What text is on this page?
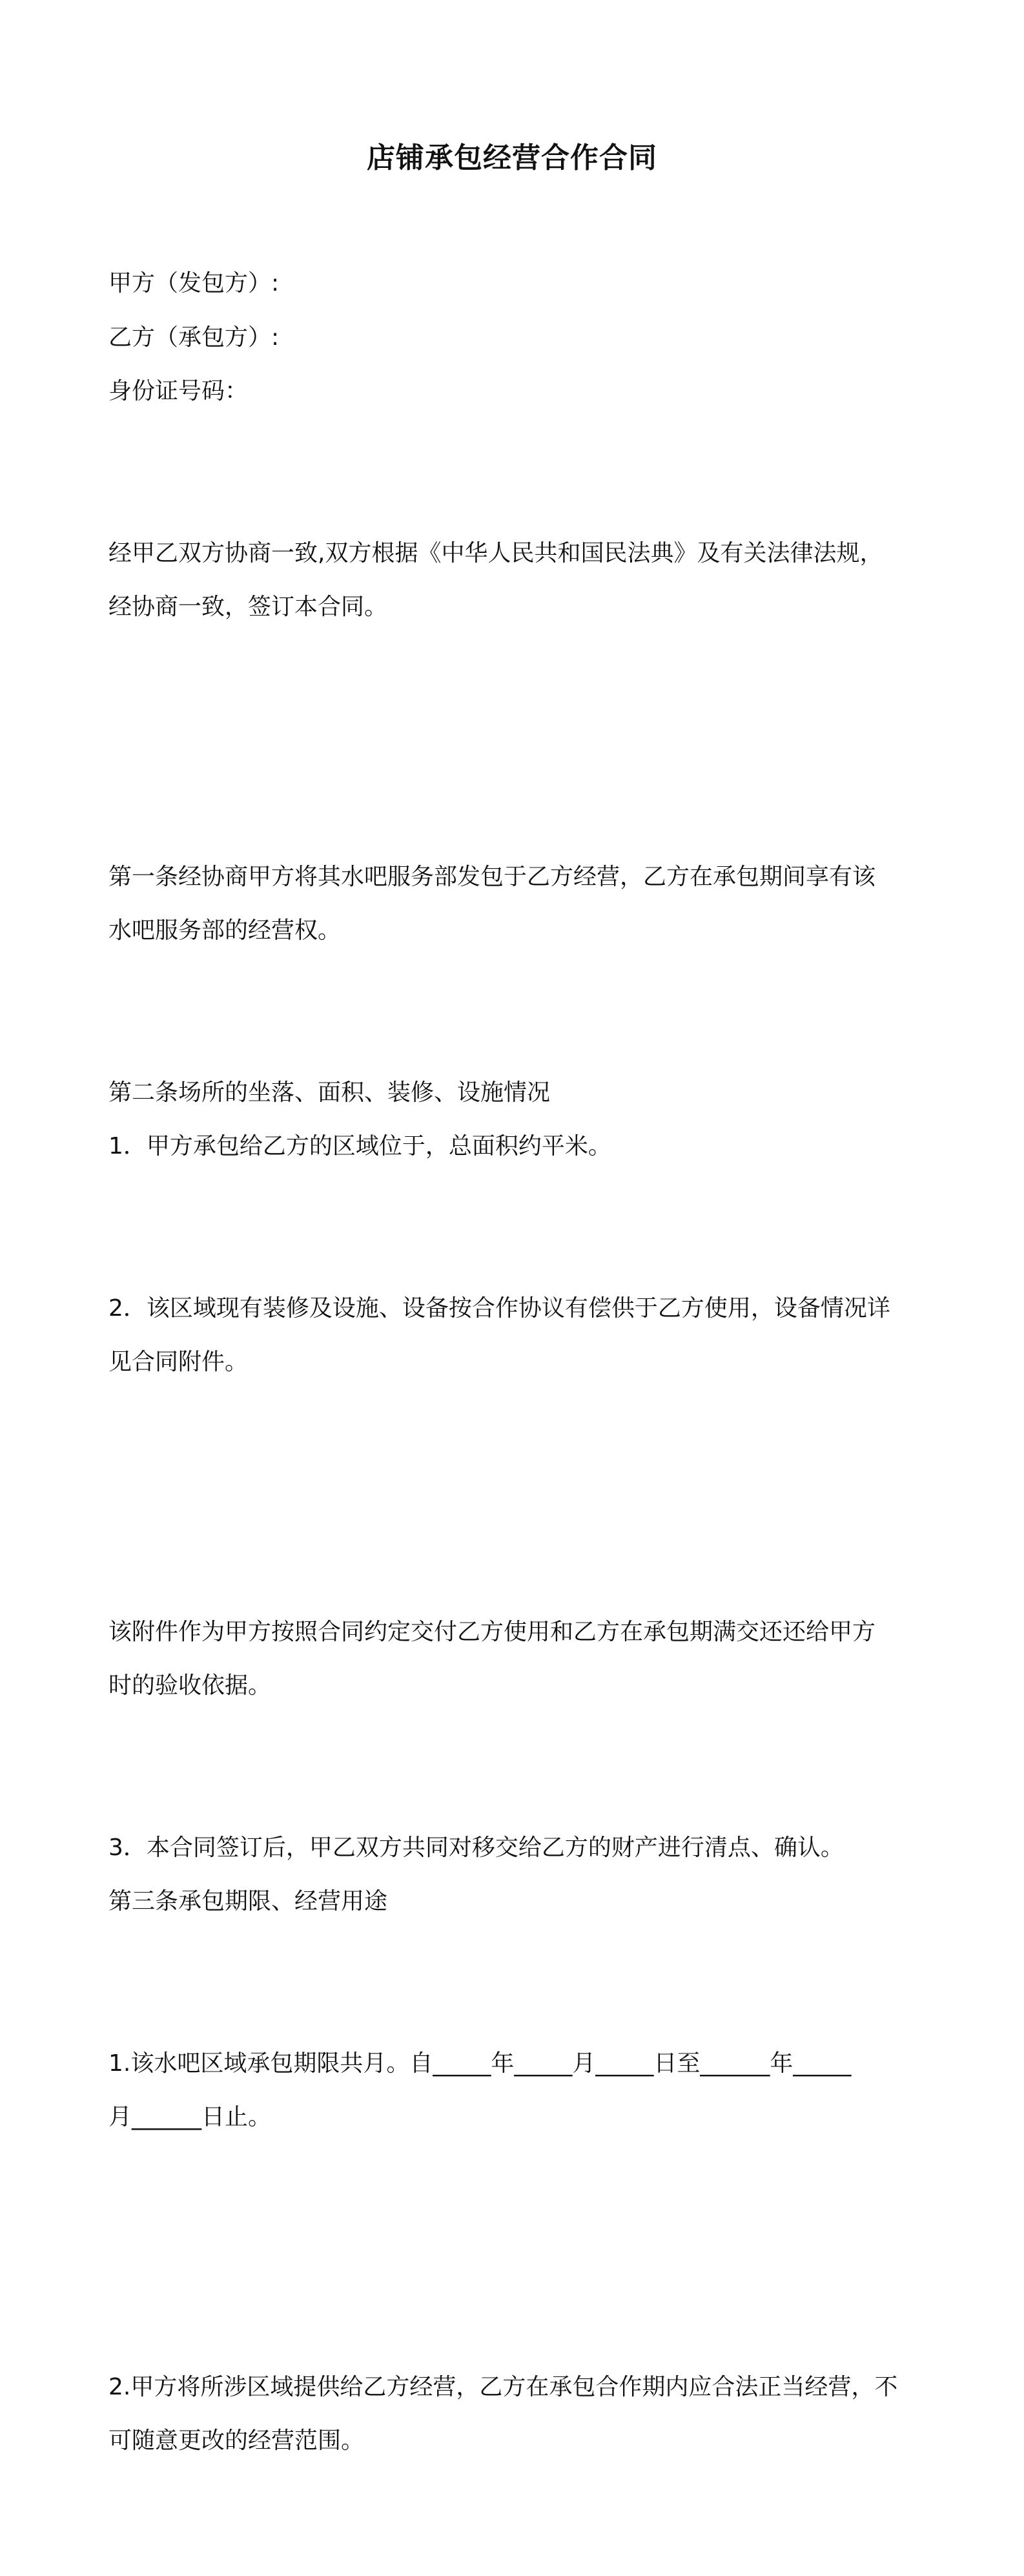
店铺承包经营合作合同

甲方（发包方）:

乙方（承包方）:

身份证号码：

经甲乙双方协商一致,双方根据《中华人民共和国民法典》及有关法律法规，
经协商一致，签订本合同。

第一条经协商甲方将其水吧服务部发包于乙方经营，乙方在承包期间享有该
水吧服务部的经营权。

第二条场所的坐落、面积、装修、设施情况

1．甲方承包给乙方的区域位于，总面积约平米。

2．该区域现有装修及设施、设备按合作协议有偿供于乙方使用，设备情况详
见合同附件。

该附件作为甲方按照合同约定交付乙方使用和乙方在承包期满交还还给甲方
时的验收依据。

3．本合同签订后，甲乙双方共同对移交给乙方的财产进行清点、确认。

第三条承包期限、经营用途

1.该水吧区域承包期限共月。自_____年_____月_____日至______年_____
月______日止。

2.甲方将所涉区域提供给乙方经营，乙方在承包合作期内应合法正当经营，不
可随意更改的经营范围。
